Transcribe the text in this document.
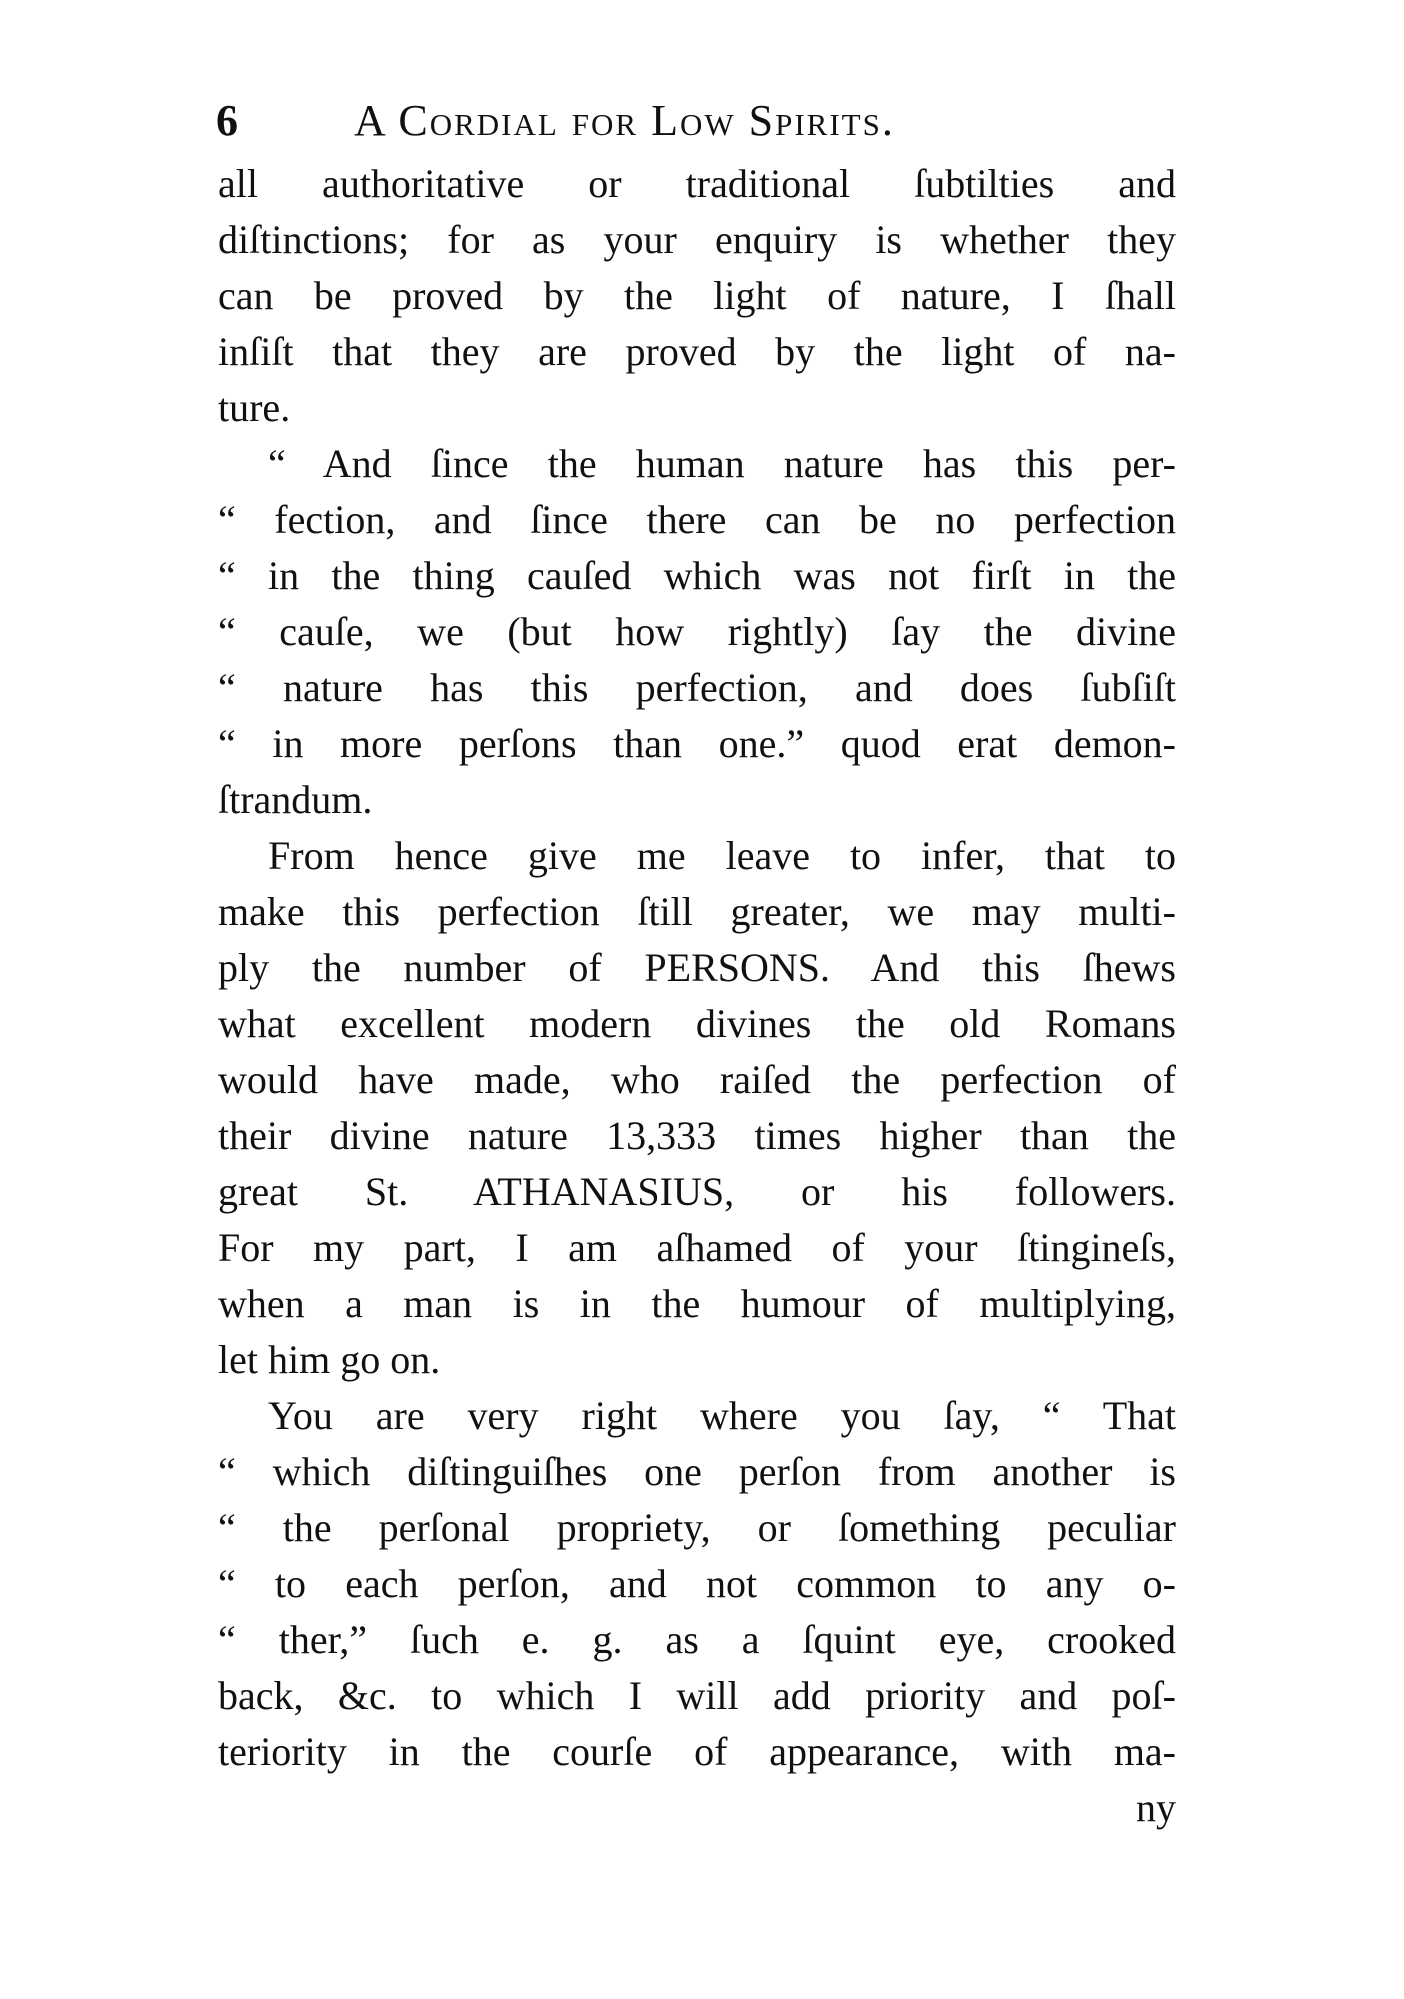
6	A Cordial for Low Spirits.
all authoritative or traditional ſubtilties and
diſtinctions; for as your enquiry is whether they
can be proved by the light of nature, I ſhall
inſiſt that they are proved by the light of na-
ture.
“ And ſince the human nature has this per-
“ fection, and ſince there can be no perfection
“ in the thing cauſed which was not firſt in the
“ cauſe, we (but how rightly) ſay the divine
“ nature has this perfection, and does ſubſiſt
“ in more perſons than one.” quod erat demon-
ſtrandum.
From hence give me leave to infer, that to
make this perfection ſtill greater, we may multi-
ply the number of PERSONS. And this ſhews
what excellent modern divines the old Romans
would have made, who raiſed the perfection of
their divine nature 13,333 times higher than the
great St. ATHANASIUS, or his followers.
For my part, I am aſhamed of your ſtingineſs,
when a man is in the humour of multiplying,
let him go on.
You are very right where you ſay, “ That
“ which diſtinguiſhes one perſon from another is
“ the perſonal propriety, or ſomething peculiar
“ to each perſon, and not common to any o-
“ ther,” ſuch e. g. as a ſquint eye, crooked
back, &c. to which I will add priority and poſ-
teriority in the courſe of appearance, with ma-
ny
